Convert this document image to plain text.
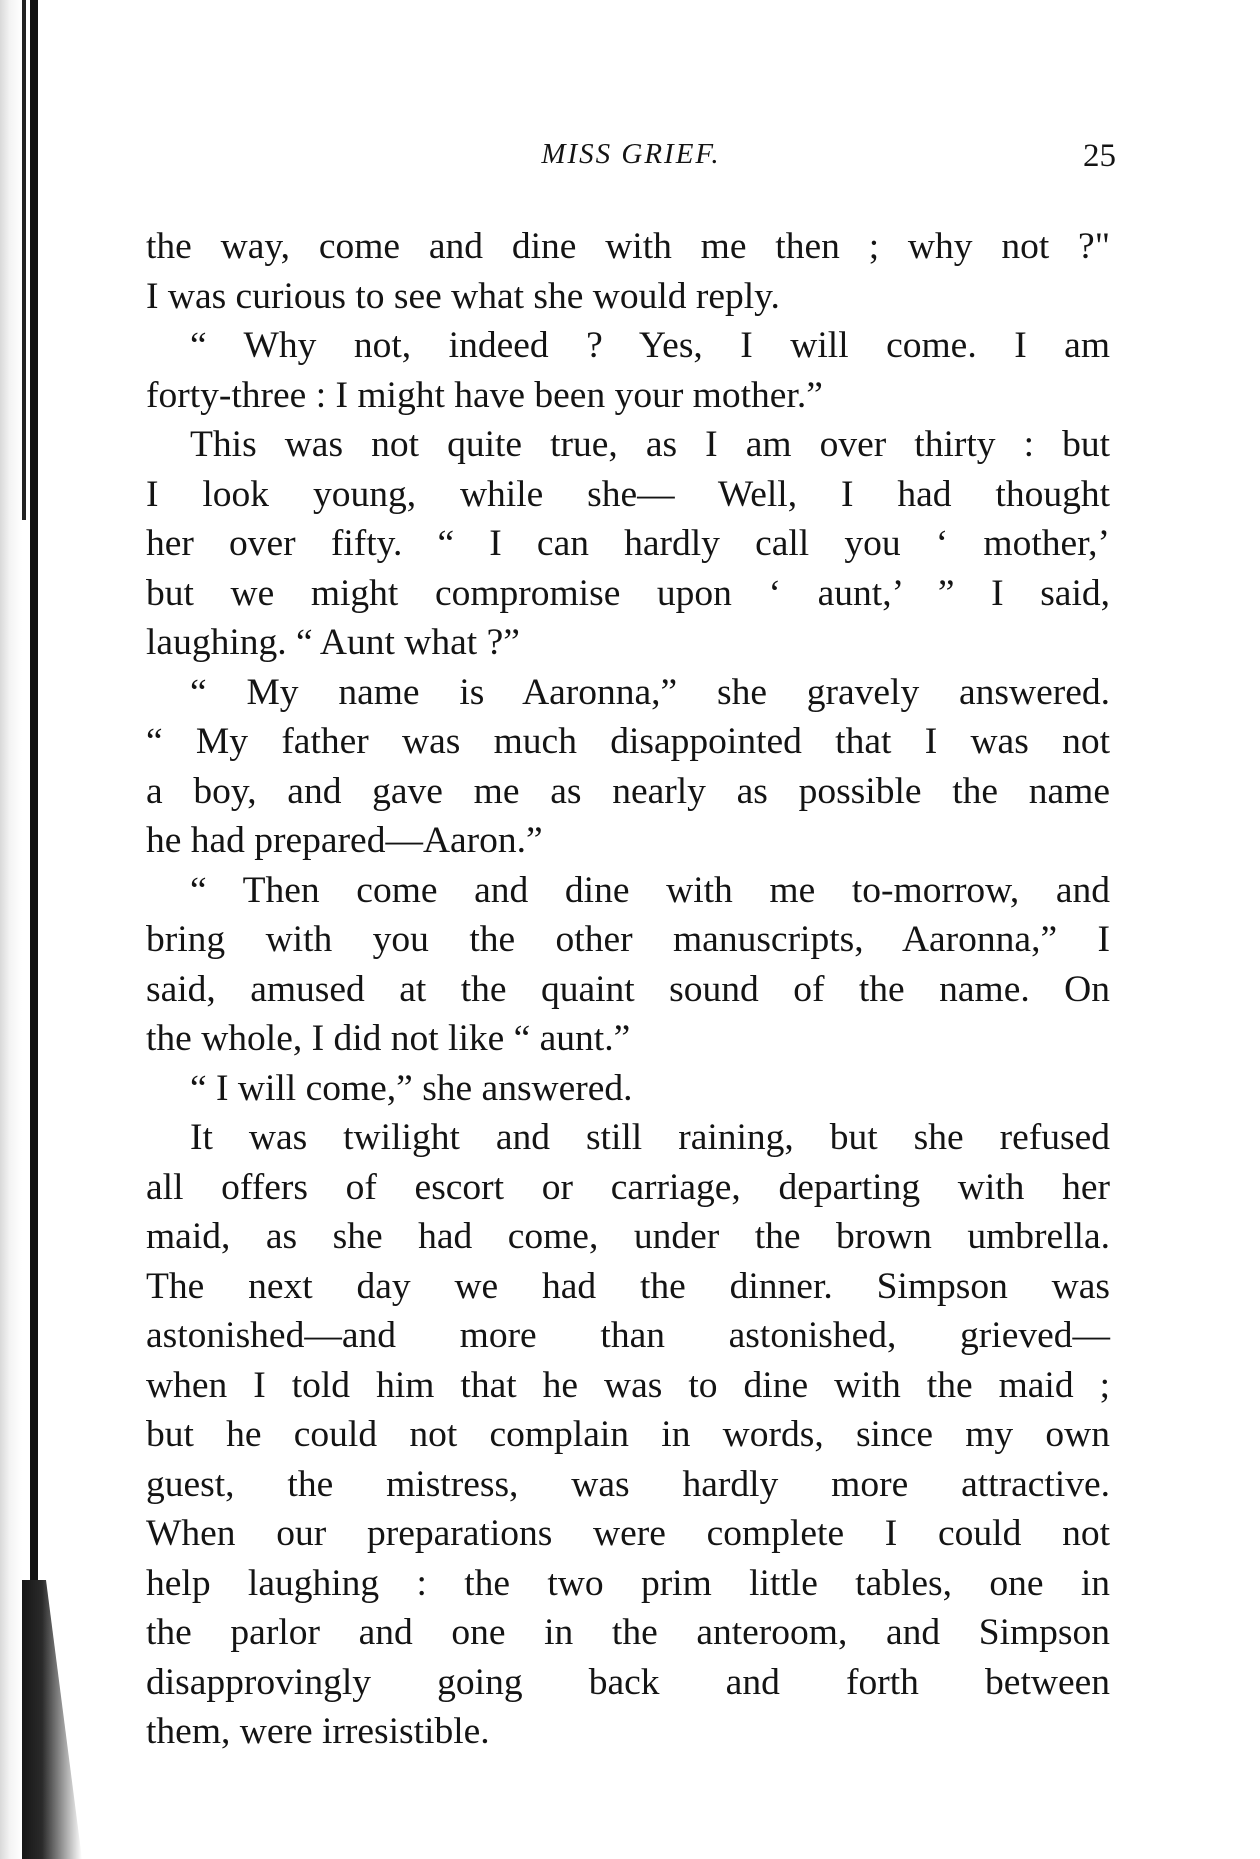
MISS GRIEF.	25
the way, come and dine with me then ; why not ?"
I was curious to see what she would reply.
“ Why not, indeed ? Yes, I will come. I am
forty-three : I might have been your mother.”
This was not quite true, as I am over thirty : but
I look young, while she— Well, I had thought
her over fifty. “ I can hardly call you ‘ mother,’
but we might compromise upon ‘ aunt,’ ” I said,
laughing. “ Aunt what ?”
“ My name is Aaronna,” she gravely answered.
“ My father was much disappointed that I was not
a boy, and gave me as nearly as possible the name
he had prepared—Aaron.”
“ Then come and dine with me to-morrow, and
bring with you the other manuscripts, Aaronna,” I
said, amused at the quaint sound of the name. On
the whole, I did not like “ aunt.”
“ I will come,” she answered.
It was twilight and still raining, but she refused
all offers of escort or carriage, departing with her
maid, as she had come, under the brown umbrella.
The next day we had the dinner. Simpson was
astonished—and more than astonished, grieved—
when I told him that he was to dine with the maid ;
but he could not complain in words, since my own
guest, the mistress, was hardly more attractive.
When our preparations were complete I could not
help laughing : the two prim little tables, one in
the parlor and one in the anteroom, and Simpson
disapprovingly going back and forth between
them, were irresistible.
